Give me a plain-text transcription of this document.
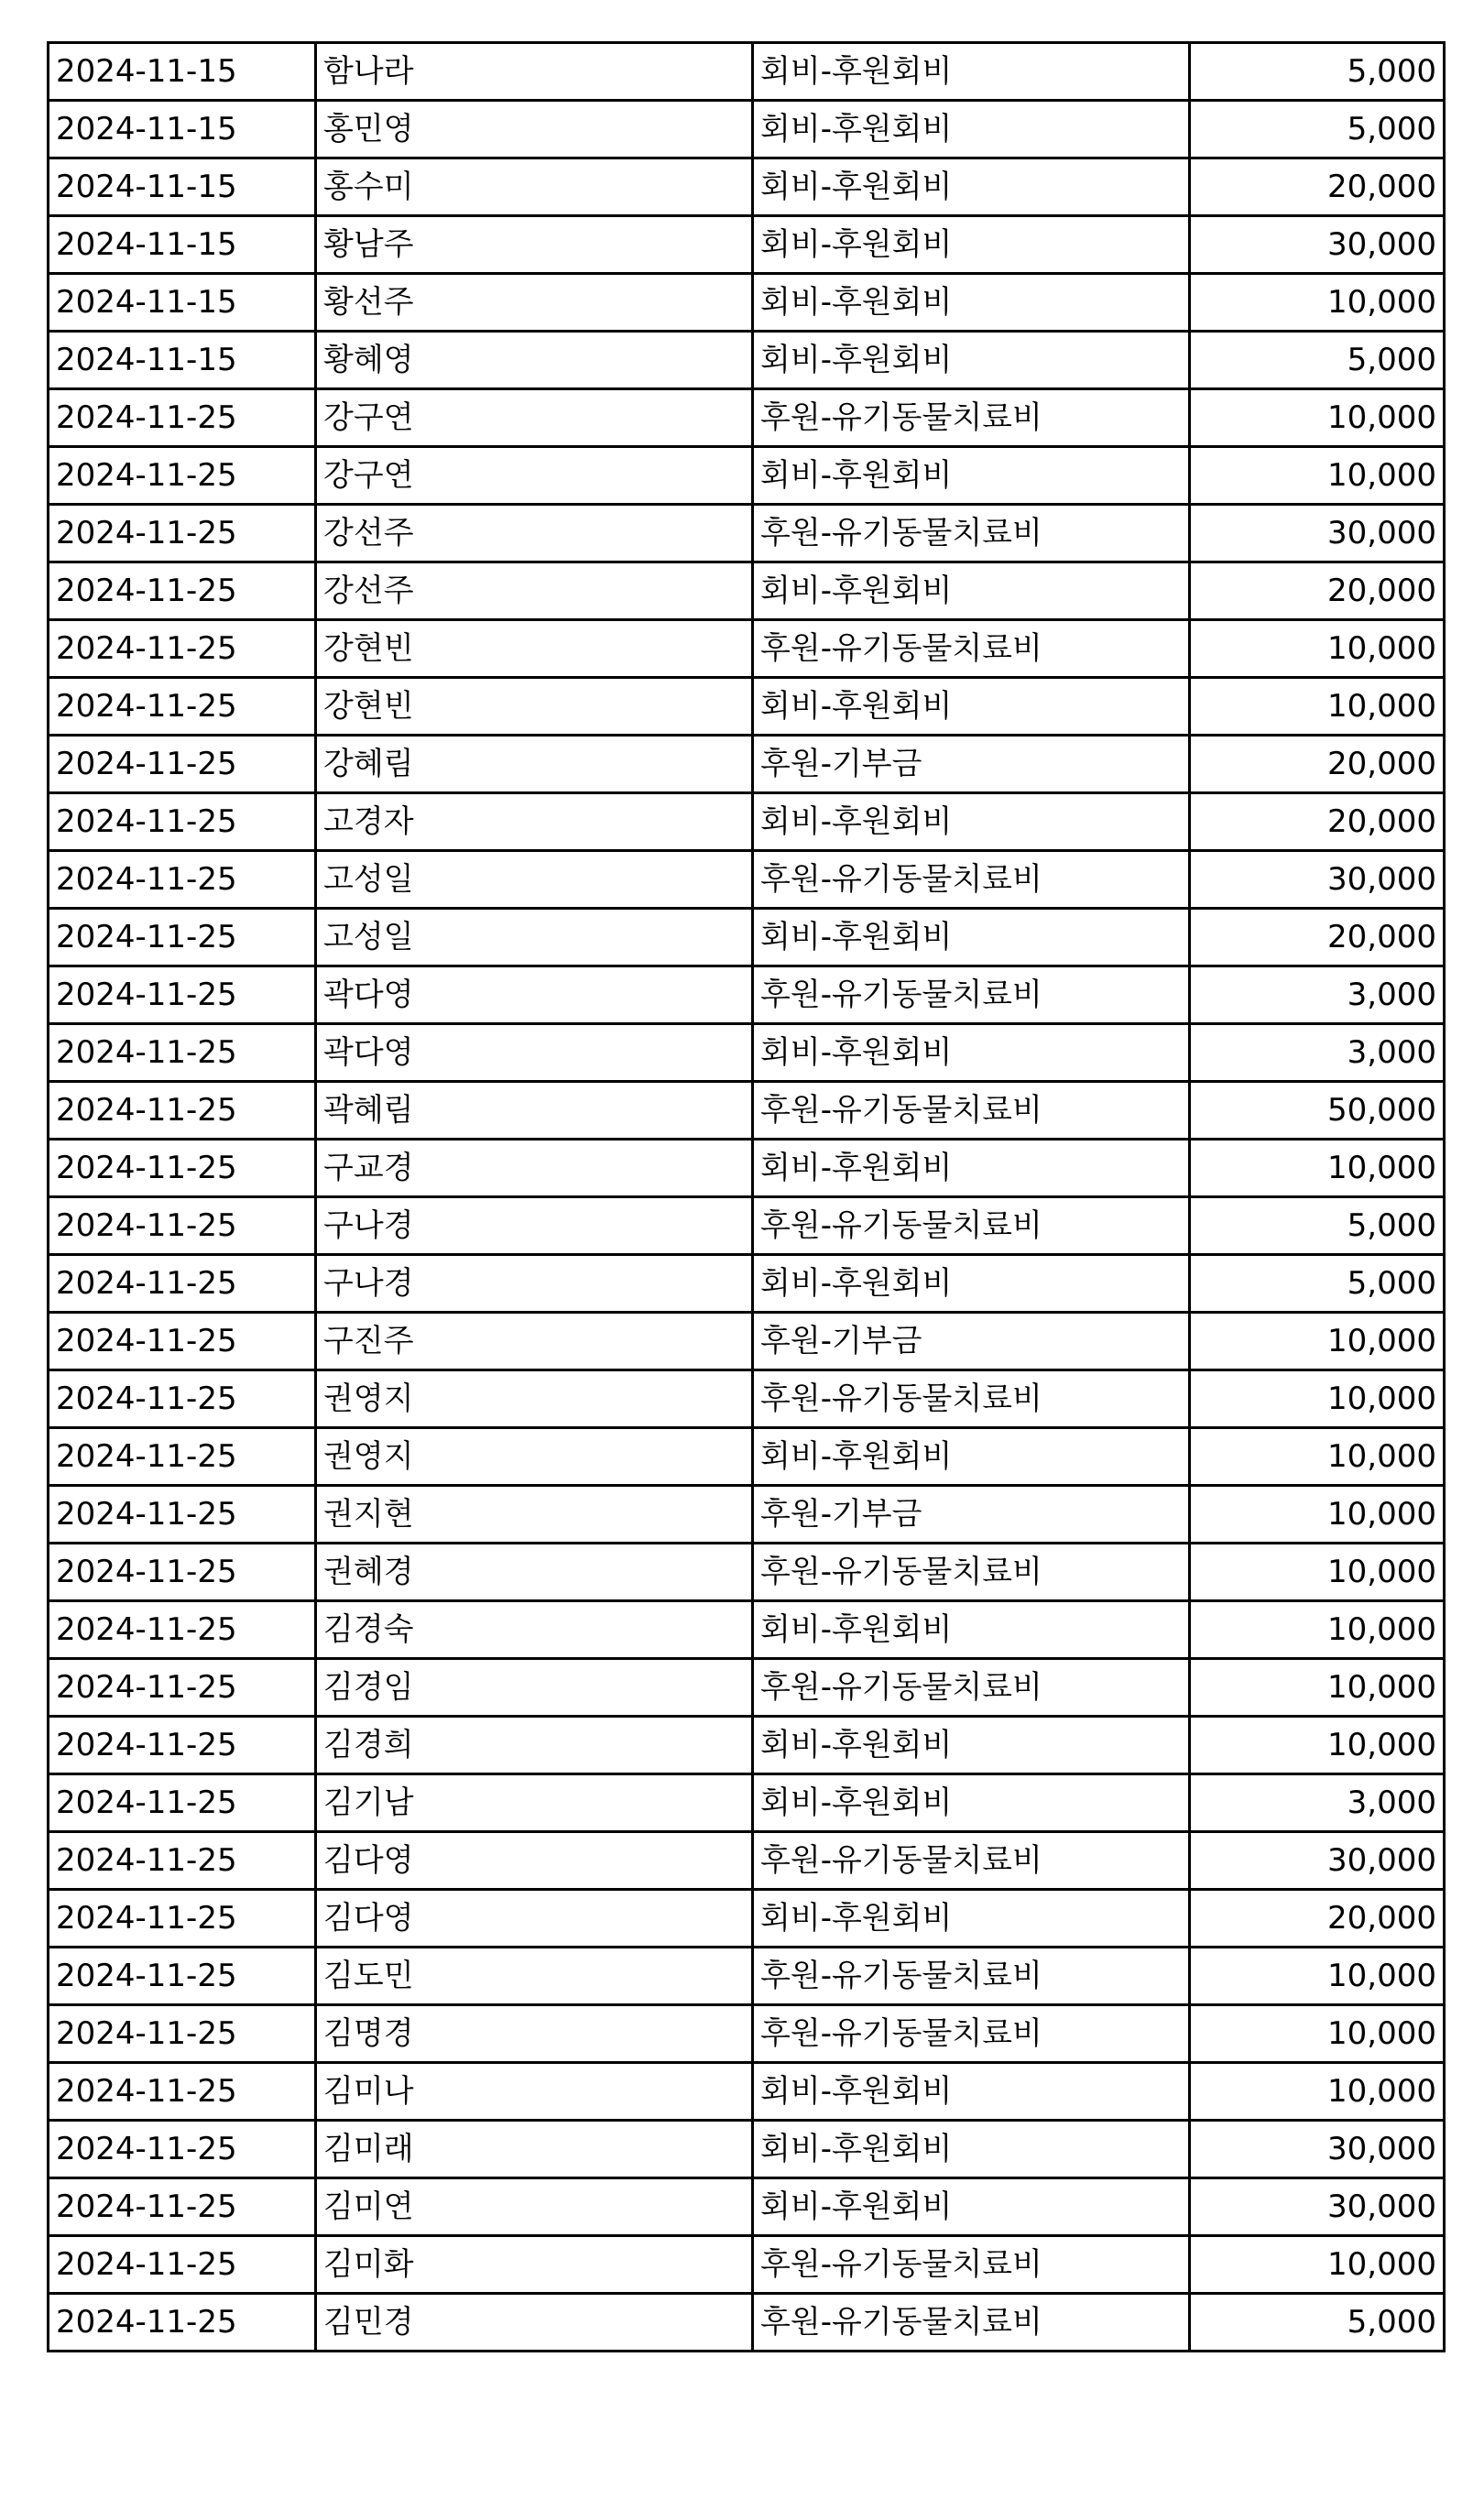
2024-11-15	함나라	회비-후원회비	5,000
2024-11-15	홍민영	회비-후원회비	5,000
2024-11-15	홍수미	회비-후원회비	20,000
2024-11-15	황남주	회비-후원회비	30,000
2024-11-15	황선주	회비-후원회비	10,000
2024-11-15	황혜영	회비-후원회비	5,000
2024-11-25	강구연	후원-유기동물치료비	10,000
2024-11-25	강구연	회비-후원회비	10,000
2024-11-25	강선주	후원-유기동물치료비	30,000
2024-11-25	강선주	회비-후원회비	20,000
2024-11-25	강현빈	후원-유기동물치료비	10,000
2024-11-25	강현빈	회비-후원회비	10,000
2024-11-25	강혜림	후원-기부금	20,000
2024-11-25	고경자	회비-후원회비	20,000
2024-11-25	고성일	후원-유기동물치료비	30,000
2024-11-25	고성일	회비-후원회비	20,000
2024-11-25	곽다영	후원-유기동물치료비	3,000
2024-11-25	곽다영	회비-후원회비	3,000
2024-11-25	곽혜림	후원-유기동물치료비	50,000
2024-11-25	구교경	회비-후원회비	10,000
2024-11-25	구나경	후원-유기동물치료비	5,000
2024-11-25	구나경	회비-후원회비	5,000
2024-11-25	구진주	후원-기부금	10,000
2024-11-25	권영지	후원-유기동물치료비	10,000
2024-11-25	권영지	회비-후원회비	10,000
2024-11-25	권지현	후원-기부금	10,000
2024-11-25	권혜경	후원-유기동물치료비	10,000
2024-11-25	김경숙	회비-후원회비	10,000
2024-11-25	김경임	후원-유기동물치료비	10,000
2024-11-25	김경희	회비-후원회비	10,000
2024-11-25	김기남	회비-후원회비	3,000
2024-11-25	김다영	후원-유기동물치료비	30,000
2024-11-25	김다영	회비-후원회비	20,000
2024-11-25	김도민	후원-유기동물치료비	10,000
2024-11-25	김명경	후원-유기동물치료비	10,000
2024-11-25	김미나	회비-후원회비	10,000
2024-11-25	김미래	회비-후원회비	30,000
2024-11-25	김미연	회비-후원회비	30,000
2024-11-25	김미화	후원-유기동물치료비	10,000
2024-11-25	김민경	후원-유기동물치료비	5,000
